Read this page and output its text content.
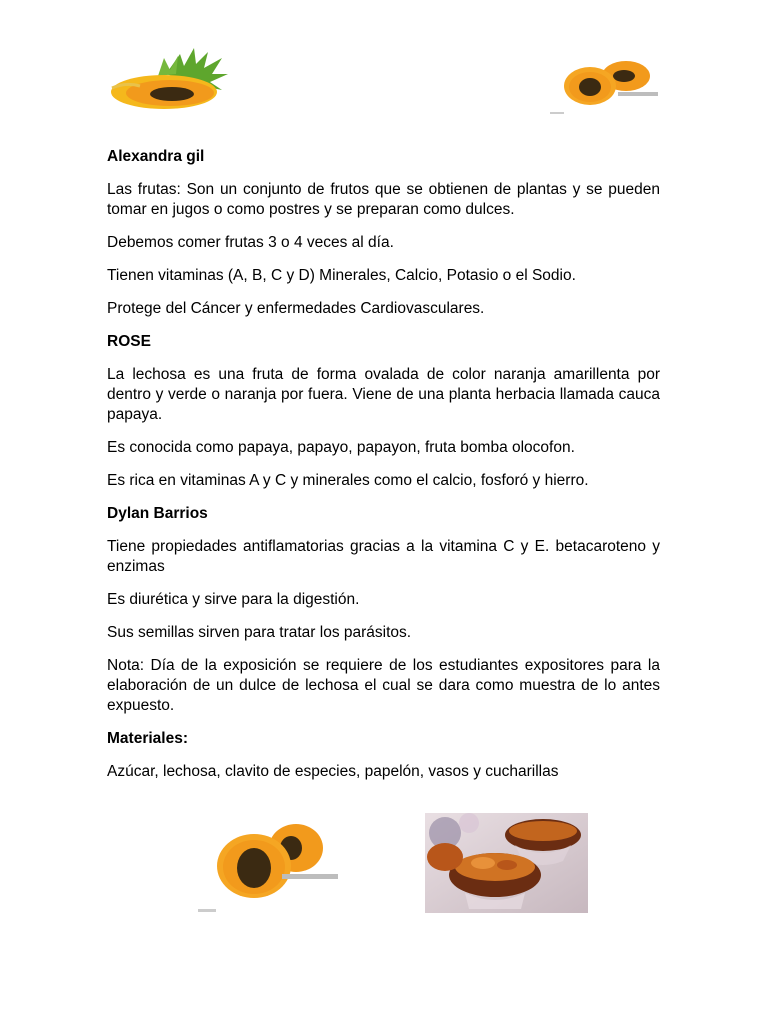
Alexandra gil

Las frutas: Son un conjunto de frutos que se obtienen de plantas y se pueden tomar en jugos o como postres y se preparan como dulces.

Debemos comer frutas 3 o 4 veces al día.

Tienen vitaminas (A, B, C y D) Minerales, Calcio, Potasio o el Sodio.

Protege del Cáncer y enfermedades Cardiovasculares.

ROSE

La lechosa es una fruta de forma ovalada de color naranja amarillenta por dentro y verde o naranja por fuera. Viene de una planta herbacia llamada cauca papaya.

Es conocida como papaya, papayo, papayon, fruta bomba olocofon.

Es rica en vitaminas A y C y minerales como el calcio, fosforó y hierro.

Dylan Barrios

Tiene propiedades antiflamatorias gracias a la vitamina C y E. betacaroteno y enzimas

Es diurética y sirve para la digestión.

Sus semillas sirven para tratar los parásitos.

Nota: Día de la exposición se requiere de los estudiantes expositores para la elaboración de un dulce de lechosa el cual se dara como muestra de lo antes expuesto.

Materiales:

Azúcar, lechosa, clavito de especies, papelón, vasos y cucharillas
